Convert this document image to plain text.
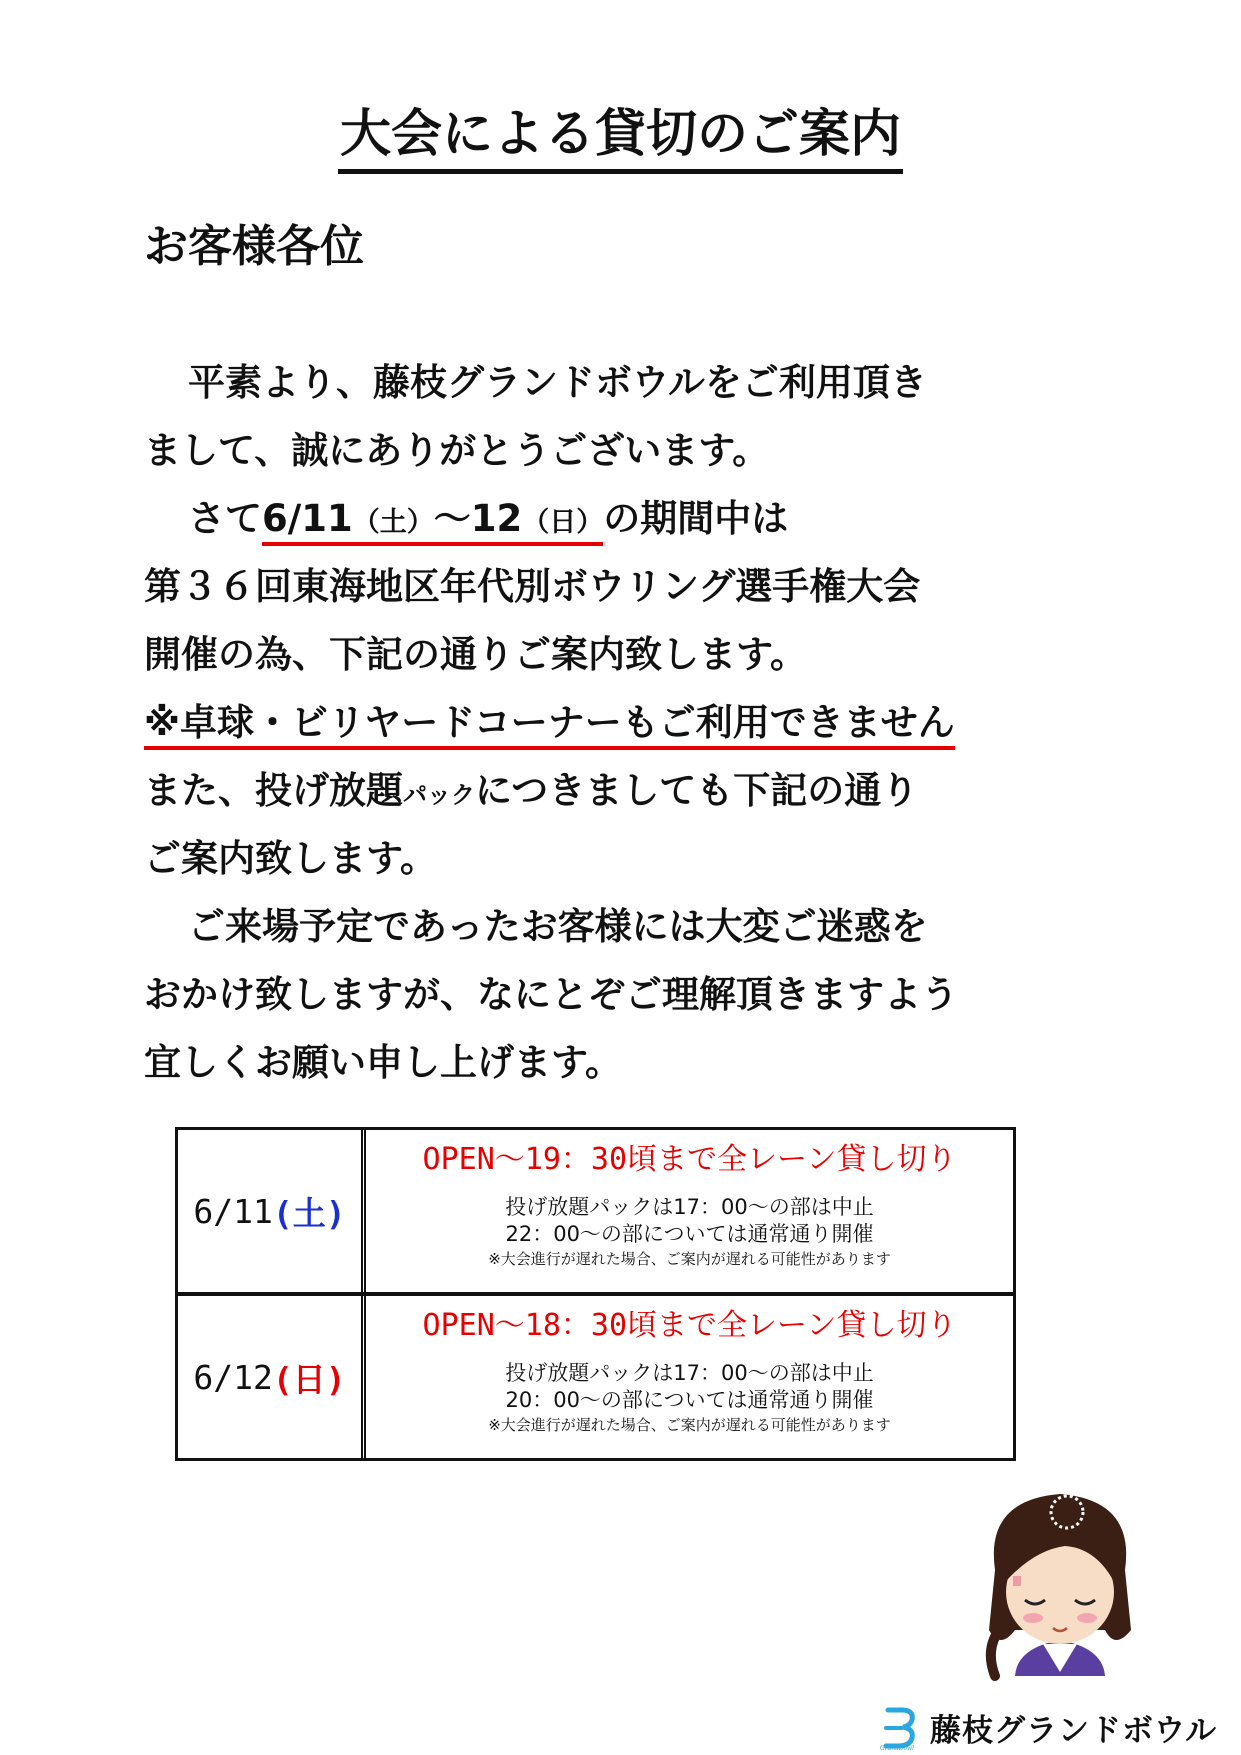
大会による貸切のご案内

お客様各位

平素より、藤枝グランドボウルをご利用頂き
まして、誠にありがとうございます。
さて6/11（土）〜12（日）の期間中は
第３６回東海地区年代別ボウリング選手権大会
開催の為、下記の通りご案内致します。
※卓球・ビリヤードコーナーもご利用できません
また、投げ放題パックにつきましても下記の通り
ご案内致します。
ご来場予定であったお客様には大変ご迷惑を
おかけ致しますが、なにとぞご理解頂きますよう
宜しくお願い申し上げます。
6/11 (土)
OPEN〜19：30頃まで全レーン貸し切り
投げ放題パックは17：00〜の部は中止
22：00〜の部については通常通り開催
※大会進行が遅れた場合、ご案内が遅れる可能性があります
6/12 (日)
OPEN〜18：30頃まで全レーン貸し切り
投げ放題パックは17：00〜の部は中止
20：00〜の部については通常通り開催
※大会進行が遅れた場合、ご案内が遅れる可能性があります
GrandBowl 藤枝グランドボウル
